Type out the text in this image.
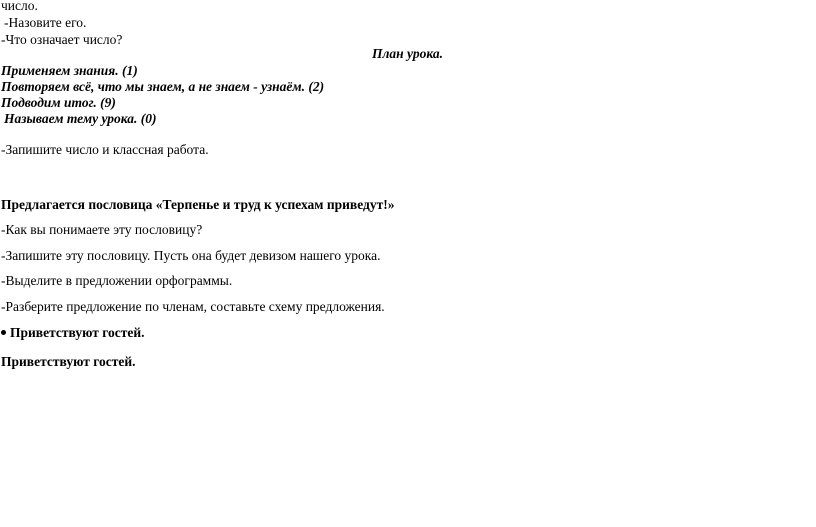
число.
-Назовите его.
-Что означает число?
План урока.
Применяем знания. (1)
Повторяем всё, что мы знаем, а не знаем - узнаём. (2)
Подводим итог. (9)
Называем тему урока. (0)
-Запишите число и классная работа.
Предлагается пословица «Терпенье и труд к успехам приведут!»
-Как вы понимаете эту пословицу?
-Запишите эту пословицу. Пусть она будет девизом нашего урока.
-Выделите в предложении орфограммы.
-Разберите предложение по членам, составьте схему предложения.
Приветствуют гостей.
Приветствуют гостей.
